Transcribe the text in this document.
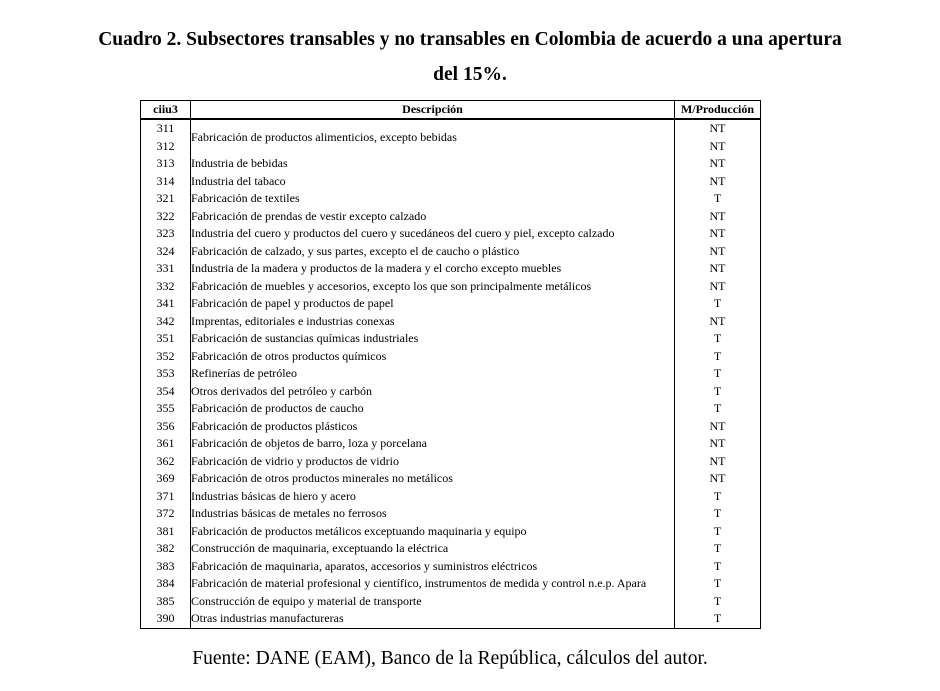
Cuadro 2. Subsectores transables y no transables en Colombia de acuerdo a una apertura
del 15%.
ciiu3	Descripción	M/Producción
311	Fabricación de productos alimenticios, excepto bebidas	NT
312		NT
313	Industria de bebidas	NT
314	Industria del tabaco	NT
321	Fabricación de textiles	T
322	Fabricación de prendas de vestir excepto calzado	NT
323	Industria del cuero y productos del cuero y sucedáneos del cuero y piel, excepto calzado	NT
324	Fabricación de calzado, y sus partes, excepto el de caucho o plástico	NT
331	Industria de la madera y productos de la madera y el corcho excepto muebles	NT
332	Fabricación de muebles y accesorios, excepto los que son principalmente metálicos	NT
341	Fabricación de papel y productos de papel	T
342	Imprentas, editoriales e industrias conexas	NT
351	Fabricación de sustancias químicas industriales	T
352	Fabricación de otros productos químicos	T
353	Refinerías de petróleo	T
354	Otros derivados del petróleo y carbón	T
355	Fabricación de productos de caucho	T
356	Fabricación de productos plásticos	NT
361	Fabricación de objetos de barro, loza y porcelana	NT
362	Fabricación de vidrio y productos de vidrio	NT
369	Fabricación de otros productos minerales no metálicos	NT
371	Industrias básicas de hiero y acero	T
372	Industrias básicas de metales no ferrosos	T
381	Fabricación de productos metálicos exceptuando maquinaria y equipo	T
382	Construcción de maquinaria, exceptuando la eléctrica	T
383	Fabricación de maquinaria, aparatos, accesorios y suministros eléctricos	T
384	Fabricación de material profesional y científico, instrumentos de medida y control n.e.p. Apara	T
385	Construcción de equipo y material de transporte	T
390	Otras industrias manufactureras	T
Fuente: DANE (EAM), Banco de la República, cálculos del autor.
